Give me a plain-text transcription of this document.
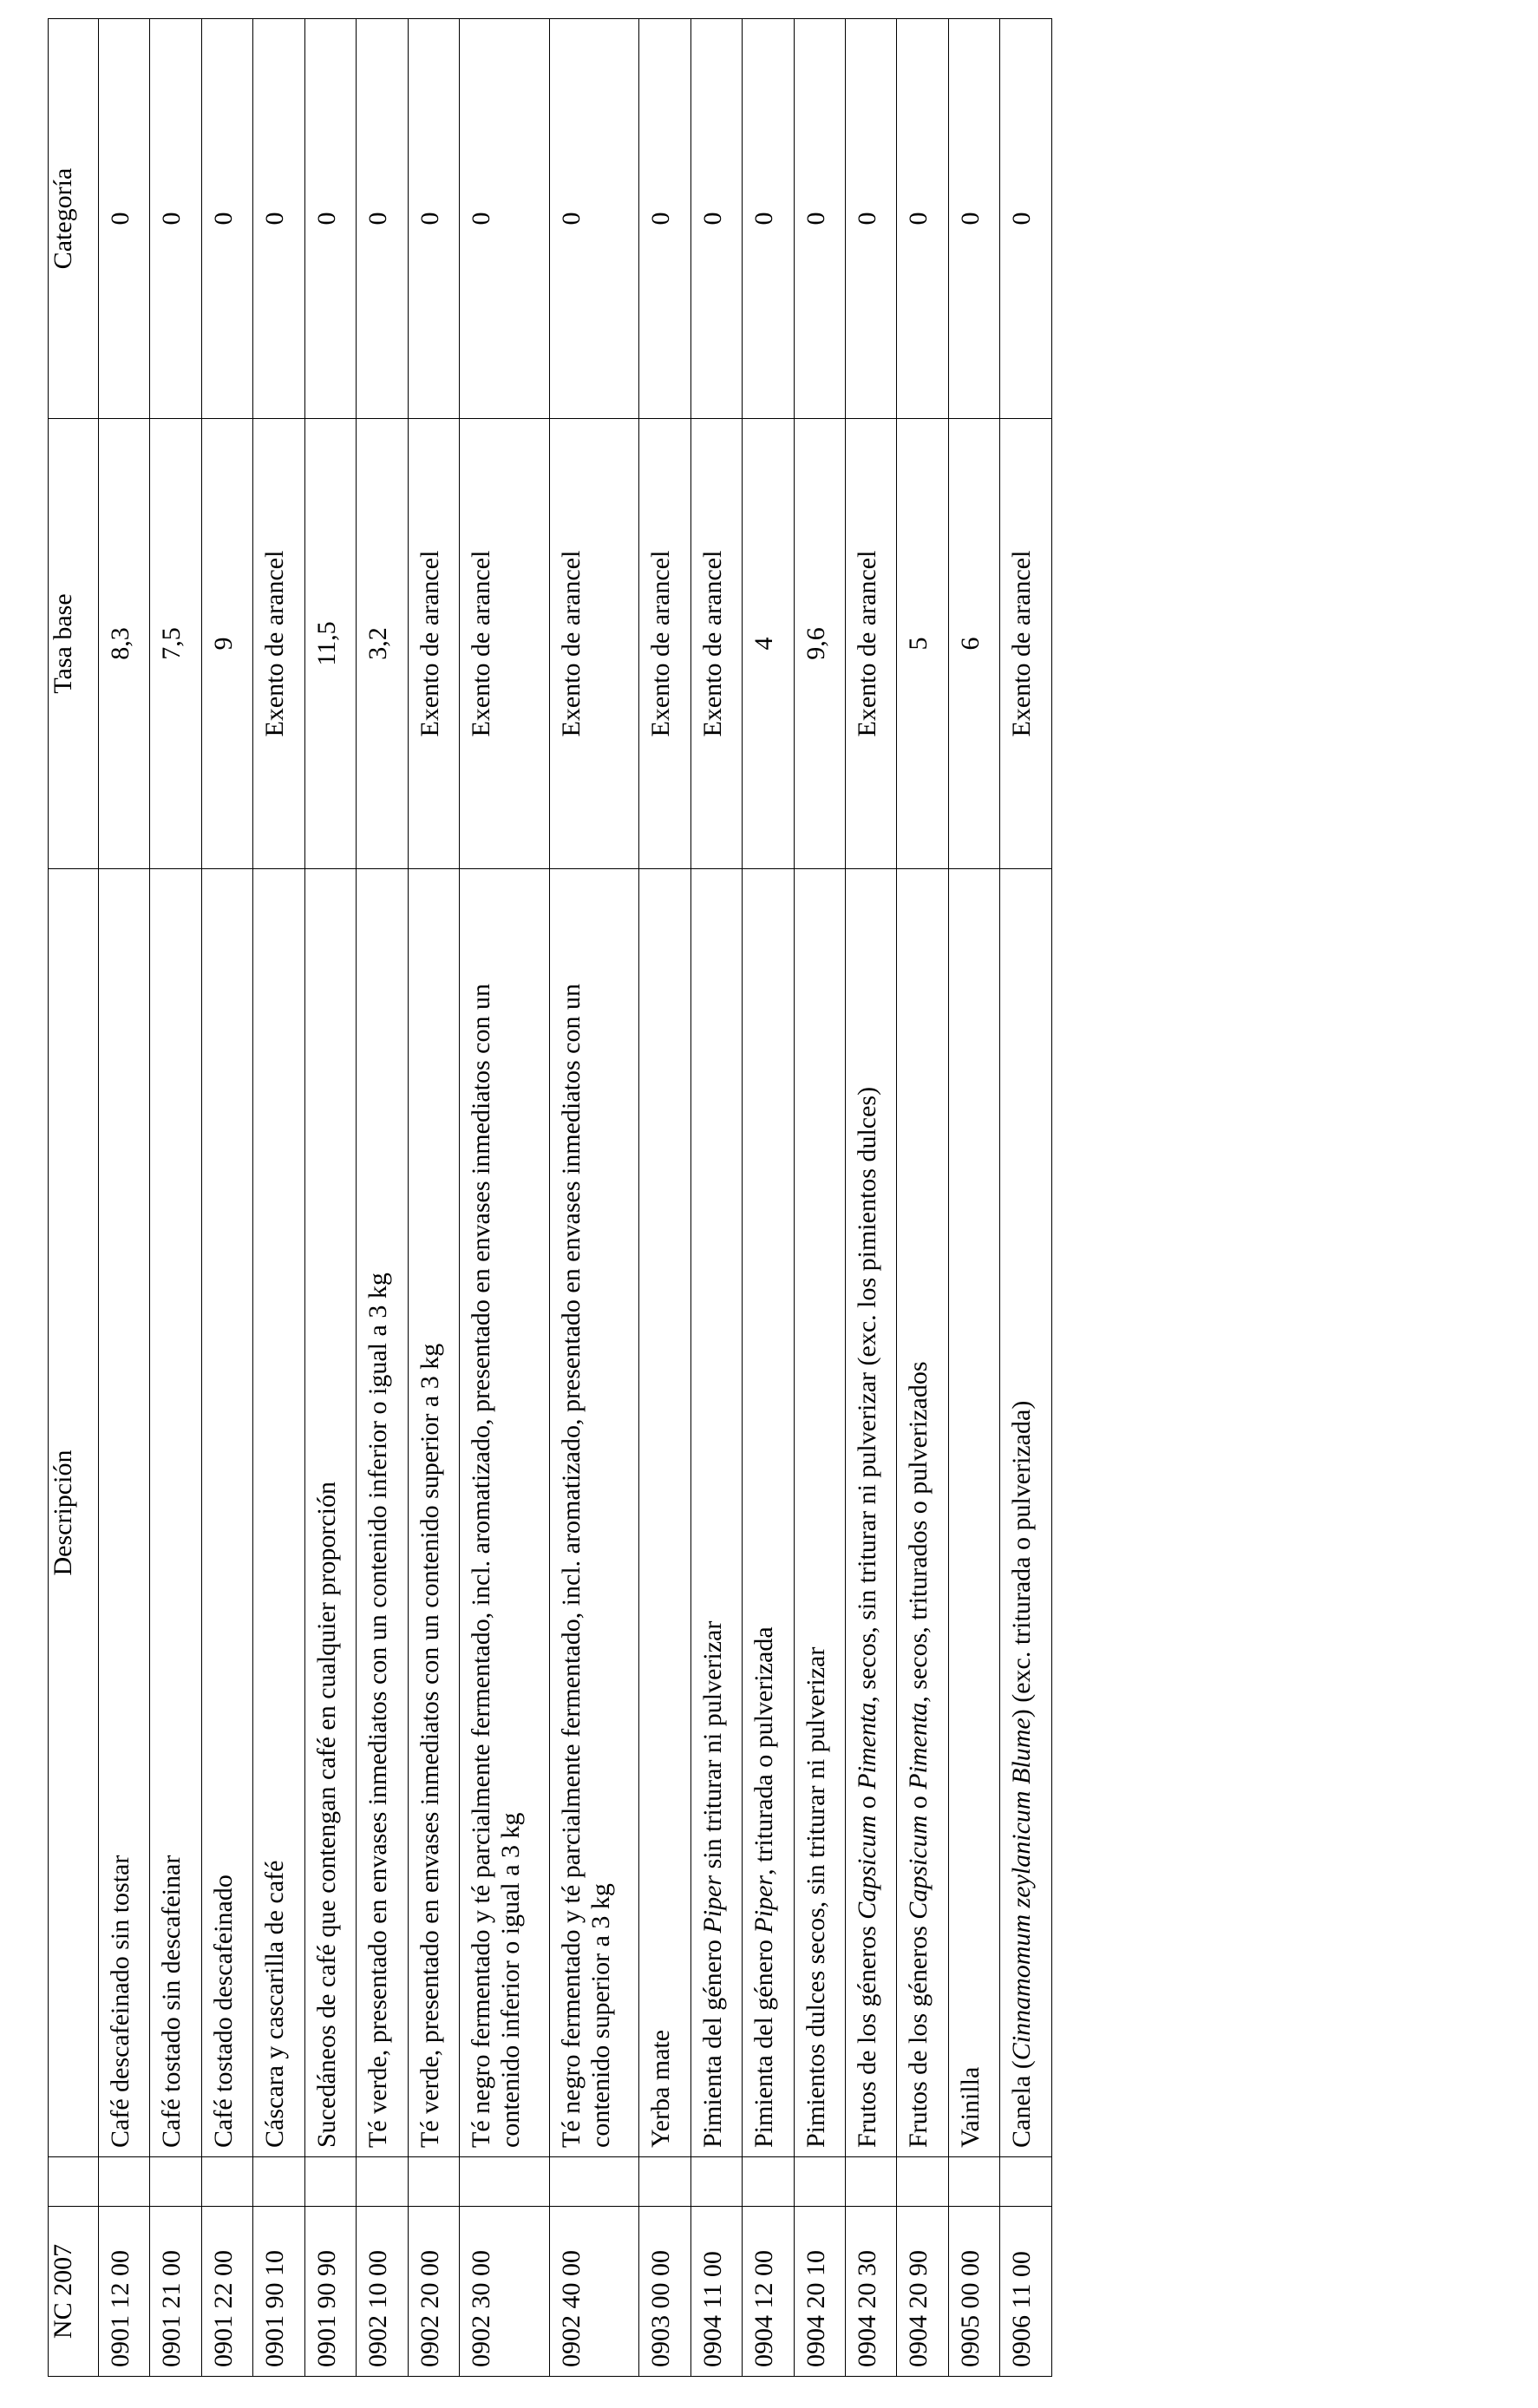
NC 2007		Descripción	Tasa base	Categoría
0901 12 00		Café descafeinado sin tostar	8,3	0
0901 21 00		Café tostado sin descafeinar	7,5	0
0901 22 00		Café tostado descafeinado	9	0
0901 90 10		Cáscara y cascarilla de café	Exento de arancel	0
0901 90 90		Sucedáneos de café que contengan café en cualquier proporción	11,5	0
0902 10 00		Té verde, presentado en envases inmediatos con un contenido inferior o igual a 3 kg	3,2	0
0902 20 00		Té verde, presentado en envases inmediatos con un contenido superior a 3 kg	Exento de arancel	0
0902 30 00		Té negro fermentado y té parcialmente fermentado, incl. aromatizado, presentado en envases inmediatos con un contenido inferior o igual a 3 kg	Exento de arancel	0
0902 40 00		Té negro fermentado y té parcialmente fermentado, incl. aromatizado, presentado en envases inmediatos con un contenido superior a 3 kg	Exento de arancel	0
0903 00 00		Yerba mate	Exento de arancel	0
0904 11 00		Pimienta del género Piper sin triturar ni pulverizar	Exento de arancel	0
0904 12 00		Pimienta del género Piper, triturada o pulverizada	4	0
0904 20 10		Pimientos dulces secos, sin triturar ni pulverizar	9,6	0
0904 20 30		Frutos de los géneros Capsicum o Pimenta, secos, sin triturar ni pulverizar (exc. los pimientos dulces)	Exento de arancel	0
0904 20 90		Frutos de los géneros Capsicum o Pimenta, secos, triturados o pulverizados	5	0
0905 00 00		Vainilla	6	0
0906 11 00		Canela (Cinnamomum zeylanicum Blume) (exc. triturada o pulverizada)	Exento de arancel	0
